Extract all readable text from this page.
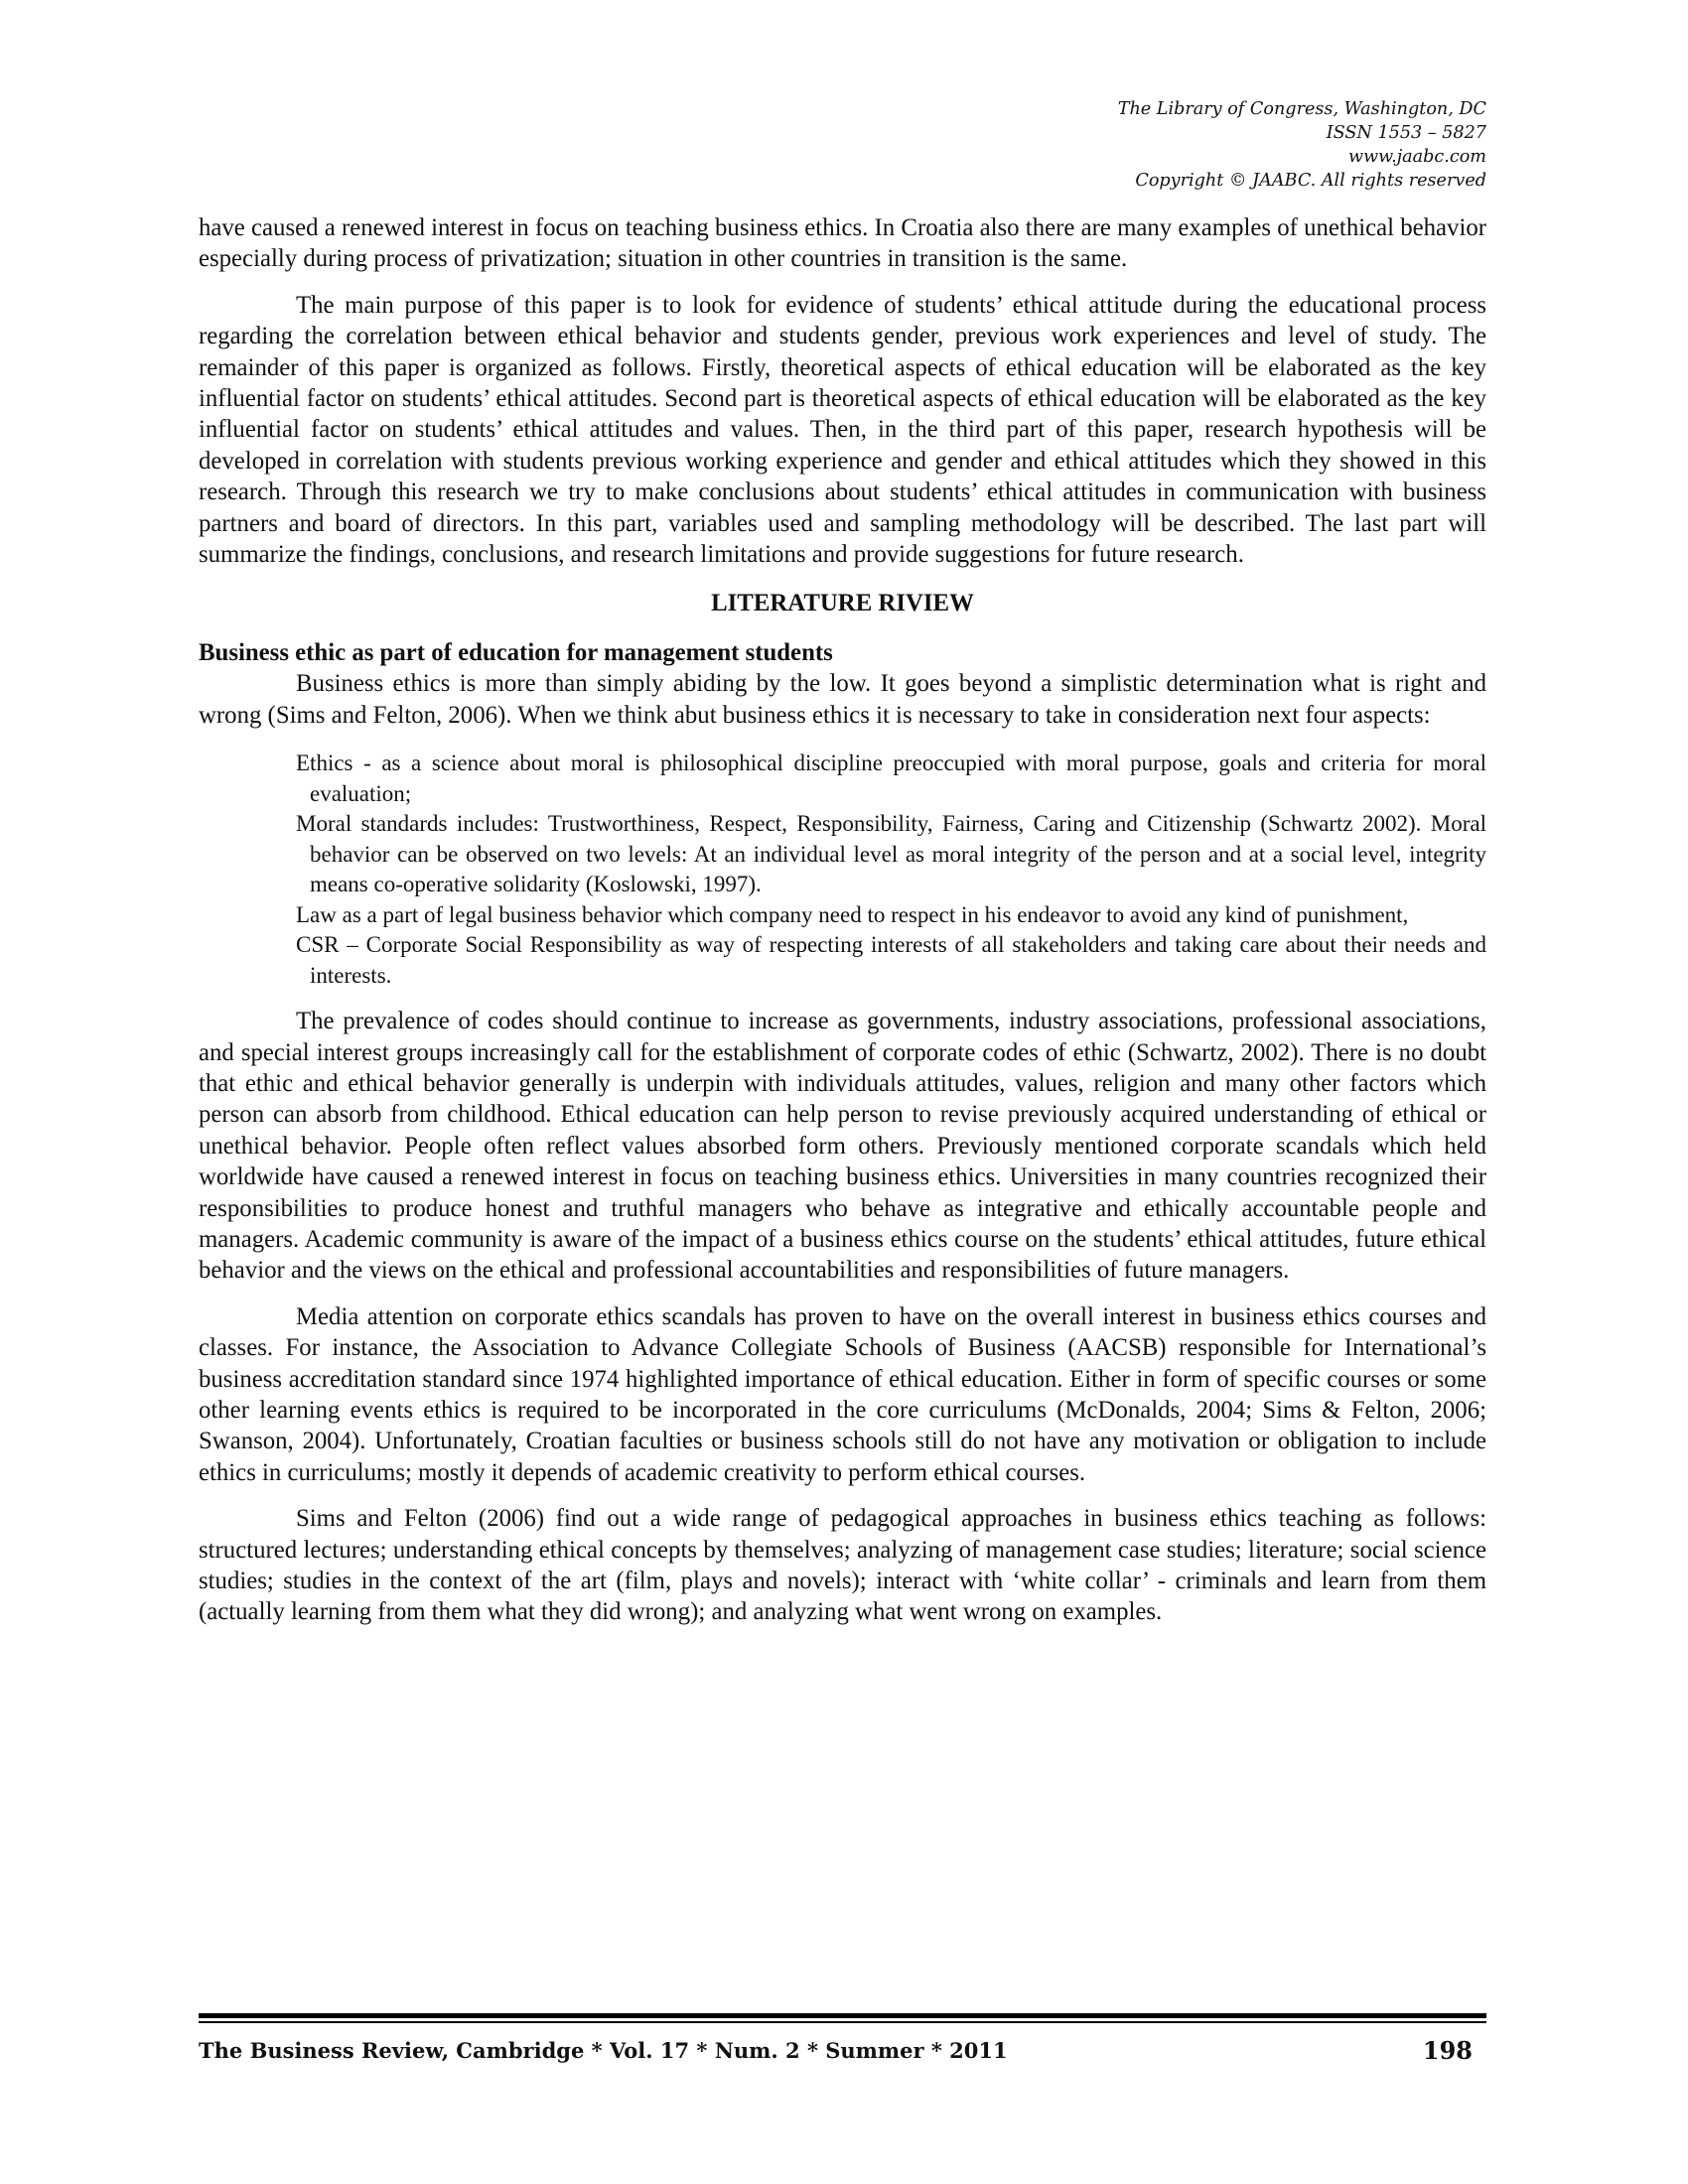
The Library of Congress, Washington, DC
ISSN 1553 – 5827
www.jaabc.com
Copyright © JAABC. All rights reserved

have caused a renewed interest in focus on teaching business ethics. In Croatia also there are many examples of unethical behavior especially during process of privatization; situation in other countries in transition is the same.

The main purpose of this paper is to look for evidence of students’ ethical attitude during the educational process regarding the correlation between ethical behavior and students gender, previous work experiences and level of study. The remainder of this paper is organized as follows. Firstly, theoretical aspects of ethical education will be elaborated as the key influential factor on students’ ethical attitudes. Second part is theoretical aspects of ethical education will be elaborated as the key influential factor on students’ ethical attitudes and values. Then, in the third part of this paper, research hypothesis will be developed in correlation with students previous working experience and gender and ethical attitudes which they showed in this research. Through this research we try to make conclusions about students’ ethical attitudes in communication with business partners and board of directors. In this part, variables used and sampling methodology will be described. The last part will summarize the findings, conclusions, and research limitations and provide suggestions for future research.

LITERATURE RIVIEW

Business ethic as part of education for management students

Business ethics is more than simply abiding by the low. It goes beyond a simplistic determination what is right and wrong (Sims and Felton, 2006). When we think abut business ethics it is necessary to take in consideration next four aspects:

Ethics - as a science about moral is philosophical discipline preoccupied with moral purpose, goals and criteria for moral evaluation;
Moral standards includes: Trustworthiness, Respect, Responsibility, Fairness, Caring and Citizenship (Schwartz 2002). Moral behavior can be observed on two levels: At an individual level as moral integrity of the person and at a social level, integrity means co-operative solidarity (Koslowski, 1997).
Law as a part of legal business behavior which company need to respect in his endeavor to avoid any kind of punishment,
CSR – Corporate Social Responsibility as way of respecting interests of all stakeholders and taking care about their needs and interests.

The prevalence of codes should continue to increase as governments, industry associations, professional associations, and special interest groups increasingly call for the establishment of corporate codes of ethic (Schwartz, 2002). There is no doubt that ethic and ethical behavior generally is underpin with individuals attitudes, values, religion and many other factors which person can absorb from childhood. Ethical education can help person to revise previously acquired understanding of ethical or unethical behavior. People often reflect values absorbed form others. Previously mentioned corporate scandals which held worldwide have caused a renewed interest in focus on teaching business ethics. Universities in many countries recognized their responsibilities to produce honest and truthful managers who behave as integrative and ethically accountable people and managers. Academic community is aware of the impact of a business ethics course on the students’ ethical attitudes, future ethical behavior and the views on the ethical and professional accountabilities and responsibilities of future managers.

Media attention on corporate ethics scandals has proven to have on the overall interest in business ethics courses and classes. For instance, the Association to Advance Collegiate Schools of Business (AACSB) responsible for International’s business accreditation standard since 1974 highlighted importance of ethical education. Either in form of specific courses or some other learning events ethics is required to be incorporated in the core curriculums (McDonalds, 2004; Sims & Felton, 2006; Swanson, 2004). Unfortunately, Croatian faculties or business schools still do not have any motivation or obligation to include ethics in curriculums; mostly it depends of academic creativity to perform ethical courses.

Sims and Felton (2006) find out a wide range of pedagogical approaches in business ethics teaching as follows: structured lectures; understanding ethical concepts by themselves; analyzing of management case studies; literature; social science studies; studies in the context of the art (film, plays and novels); interact with ‘white collar’ - criminals and learn from them (actually learning from them what they did wrong); and analyzing what went wrong on examples.

The Business Review, Cambridge * Vol. 17 * Num. 2 * Summer * 2011	198
